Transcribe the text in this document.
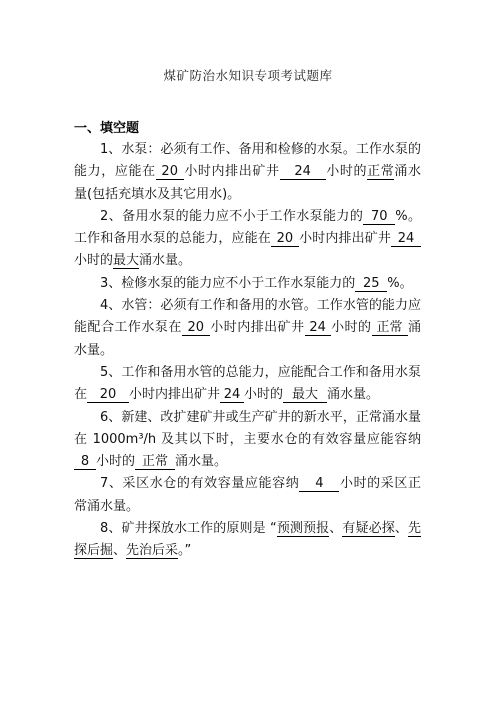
煤矿防治水知识专项考试题库
一、填空题

1、水泵：必须有工作、备用和检修的水泵。工作水泵的能力，应能在 20 小时内排出矿井 24 小时的正常涌水量(包括充填水及其它用水)。

2、备用水泵的能力应不小于工作水泵能力的 70 %。工作和备用水泵的总能力，应能在 20 小时内排出矿井 24小时的最大涌水量。

3、检修水泵的能力应不小于工作水泵能力的 25 %。

4、水管：必须有工作和备用的水管。工作水管的能力应能配合工作水泵在 20 小时内排出矿井 24 小时的 正常 涌水量。

5、工作和备用水管的总能力，应能配合工作和备用水泵在 20 小时内排出矿井 24 小时的 最大 涌水量。

6、新建、改扩建矿井或生产矿井的新水平，正常涌水量在 1000m³/h 及其以下时，主要水仓的有效容量应能容纳8 小时的 正常 涌水量。

7、采区水仓的有效容量应能容纳 4 小时的采区正常涌水量。

8、矿井探放水工作的原则是 “预测预报、有疑必探、先探后掘、先治后采。”
